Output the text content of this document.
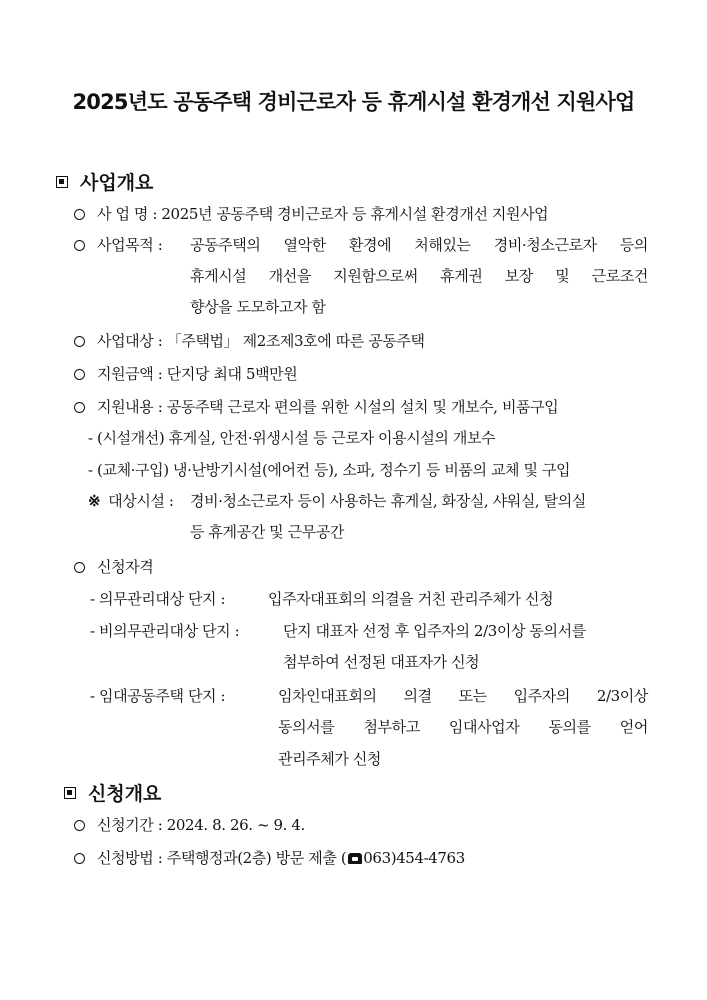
2025년도 공동주택 경비근로자 등 휴게시설 환경개선 지원사업
사업개요
사 업 명 : 2025년 공동주택 경비근로자 등 휴게시설 환경개선 지원사업
사업목적 : 공동주택의 열악한 환경에 처해있는 경비·청소근로자 등의
휴게시설 개선을 지원함으로써 휴게권 보장 및 근로조건
향상을 도모하고자 함
사업대상 : 「주택법」 제2조제3호에 따른 공동주택
지원금액 : 단지당 최대 5백만원
지원내용 : 공동주택 근로자 편의를 위한 시설의 설치 및 개보수, 비품구입
- (시설개선) 휴게실, 안전·위생시설 등 근로자 이용시설의 개보수
- (교체·구입) 냉·난방기시설(에어컨 등), 소파, 정수기 등 비품의 교체 및 구입
※ 대상시설 : 경비·청소근로자 등이 사용하는 휴게실, 화장실, 샤워실, 탈의실
등 휴게공간 및 근무공간
신청자격
- 의무관리대상 단지 :	입주자대표회의 의결을 거친 관리주체가 신청
- 비의무관리대상 단지 :	단지 대표자 선정 후 입주자의 2/3이상 동의서를
첨부하여 선정된 대표자가 신청
- 임대공동주택 단지 :	임차인대표회의 의결 또는 입주자의 2/3이상
동의서를 첨부하고 임대사업자 동의를 얻어
관리주체가 신청
신청개요
신청기간 : 2024. 8. 26. ~ 9. 4.
신청방법 : 주택행정과(2층) 방문 제출 ( 063)454-4763
